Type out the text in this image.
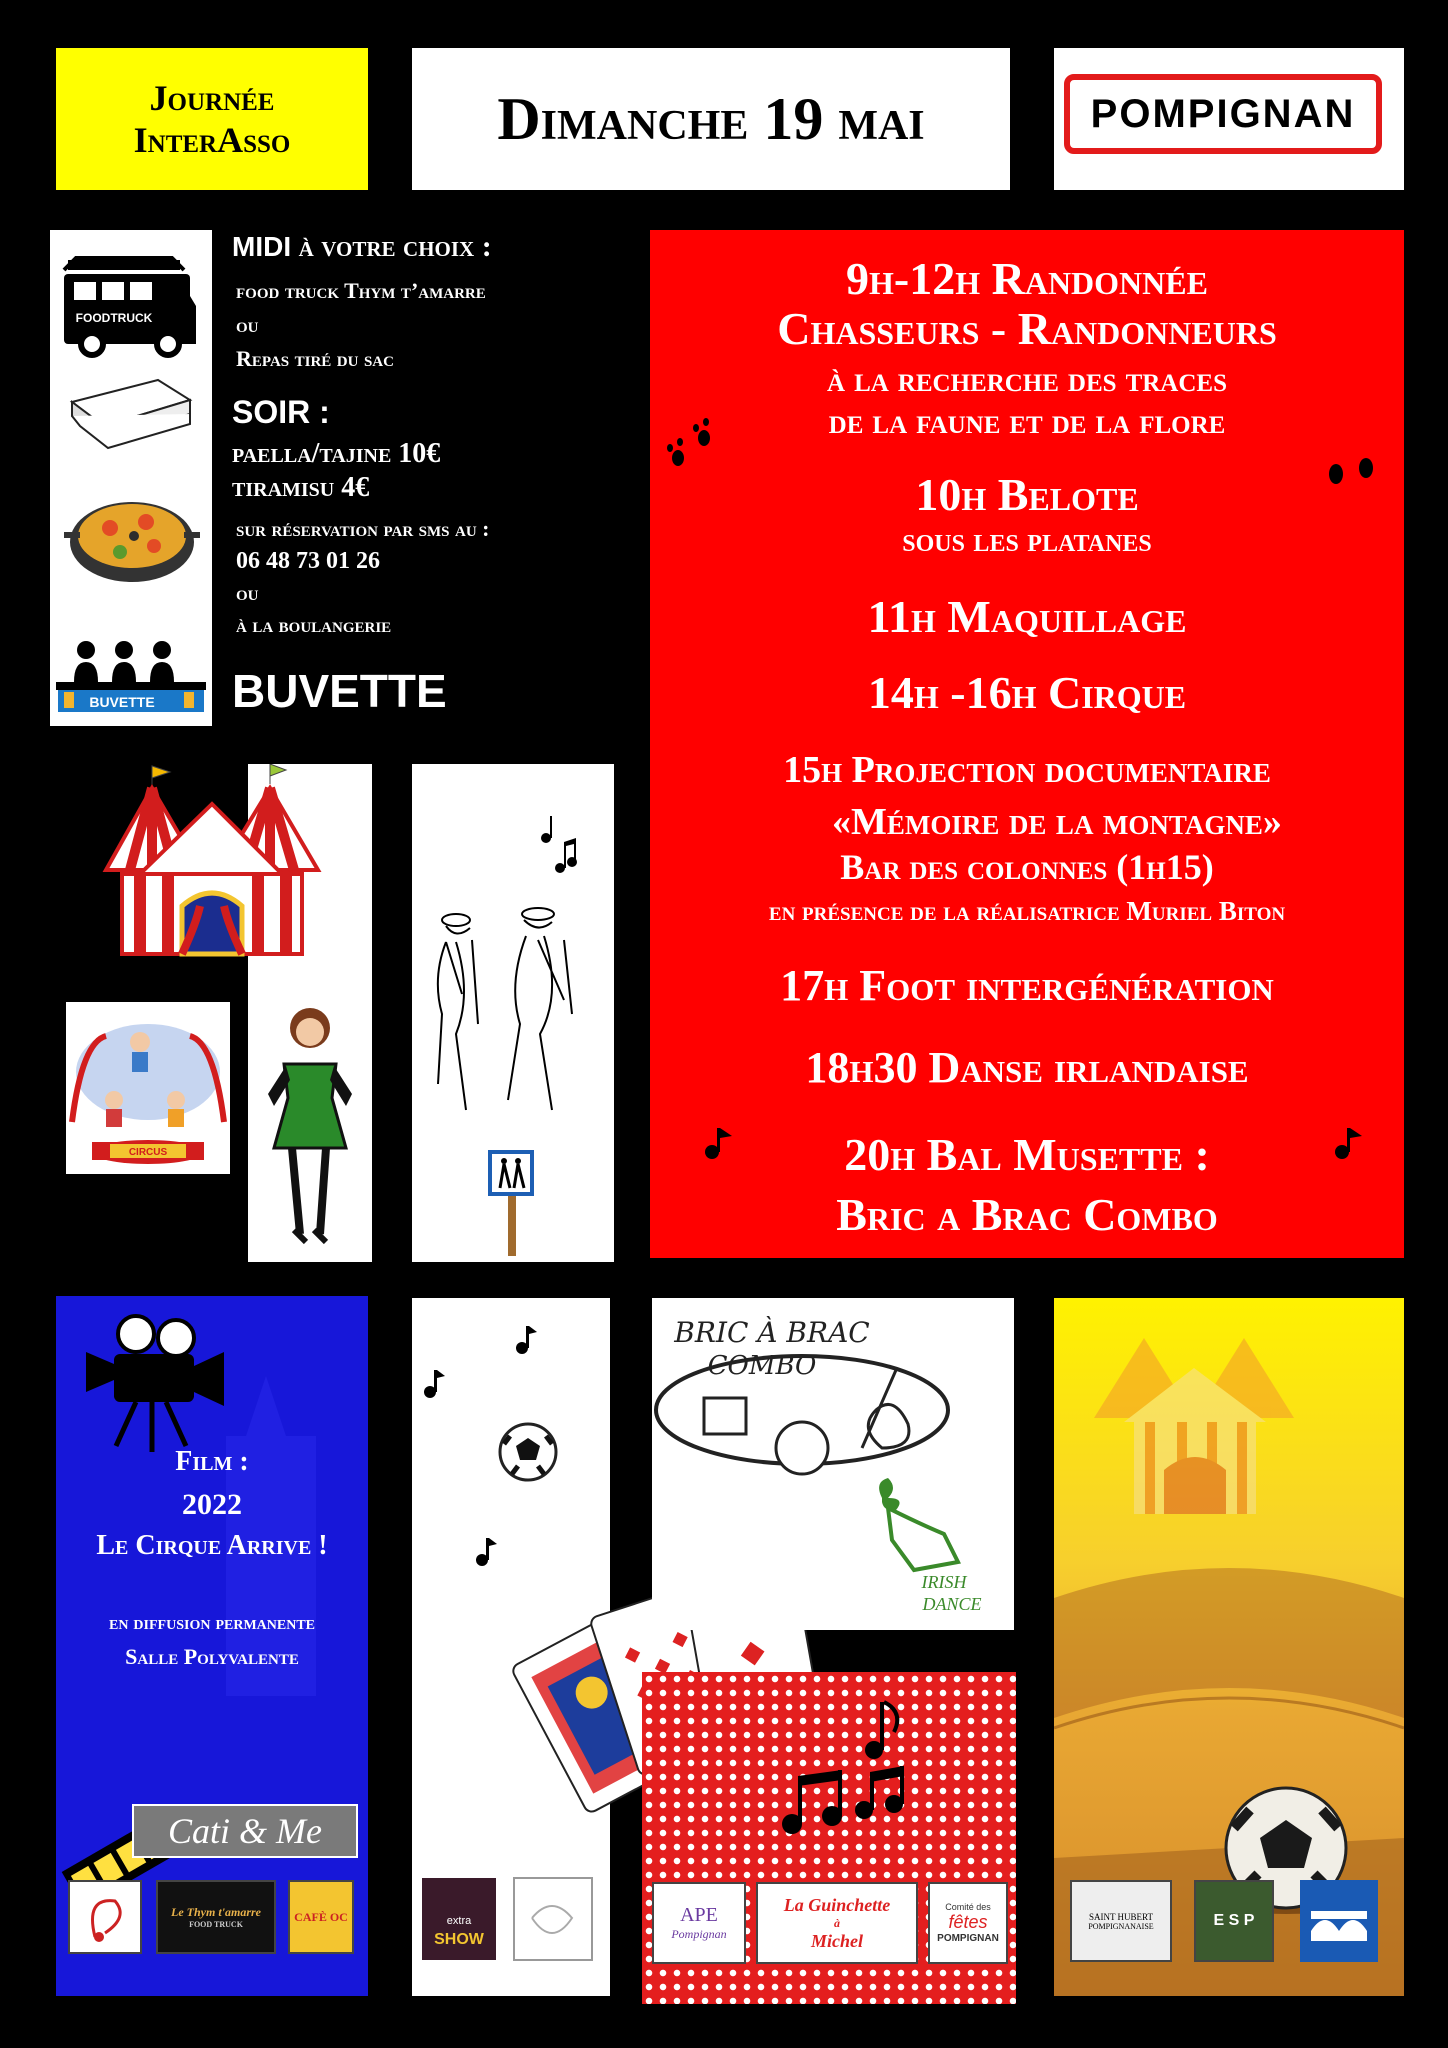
Journée
InterAsso	Dimanche 19 mai	POMPIGNAN
FOODTRUCK
BUVETTE
MIDI à votre choix :
food truck Thym t’amarre
ou
Repas tiré du sac
SOIR :
paella/tajine 10€
tiramisu 4€
sur réservation par sms au :
06 48 73 01 26
ou
à la boulangerie
BUVETTE
9h-12h Randonnée
Chasseurs - Randonneurs
à la recherche des traces
de la faune et de la flore
10h Belote
sous les platanes
11h Maquillage
14h -16h Cirque
15h Projection documentaire
«Mémoire de la montagne»
Bar des colonnes (1h15)
en présence de la réalisatrice Muriel Biton
17h Foot intergénération
18h30 Danse irlandaise
20h Bal Musette :
Bric a Brac Combo
CIRCUS
Film :
2022
Le Cirque Arrive !
en diffusion permanente
Salle Polyvalente
Cati & Me
Le Thym t'amarre
FOOD TRUCK
CAFÈ OC	extra
SHOW
BRIC À BRAC
COMBO
IRISH
DANCE
APE
Pompignan
La Guinchette
à
Michel
Comité des
fêtes
POMPIGNAN
SAINT HUBERT
POMPIGNANAISE	E
S
P
